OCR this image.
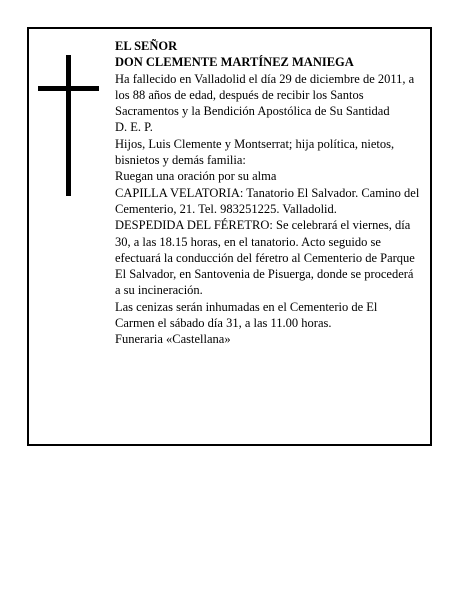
EL SEÑOR

DON CLEMENTE MARTÍNEZ MANIEGA

Ha fallecido en Valladolid el día 29 de diciembre de 2011, a los 88 años de edad, después de recibir los Santos Sacramentos y la Bendición Apostólica de Su Santidad

D. E. P.

Hijos, Luis Clemente y Montserrat; hija política, nietos, bisnietos y demás familia:

Ruegan una oración por su alma

CAPILLA VELATORIA: Tanatorio El Salvador. Camino del Cementerio, 21. Tel. 983251225. Valladolid.

DESPEDIDA DEL FÉRETRO: Se celebrará el viernes, día 30, a las 18.15 horas, en el tanatorio. Acto seguido se efectuará la conducción del féretro al Cementerio de Parque El Salvador, en Santovenia de Pisuerga, donde se procederá a su incineración.

Las cenizas serán inhumadas en el Cementerio de El Carmen el sábado día 31, a las 11.00 horas.

Funeraria «Castellana»
